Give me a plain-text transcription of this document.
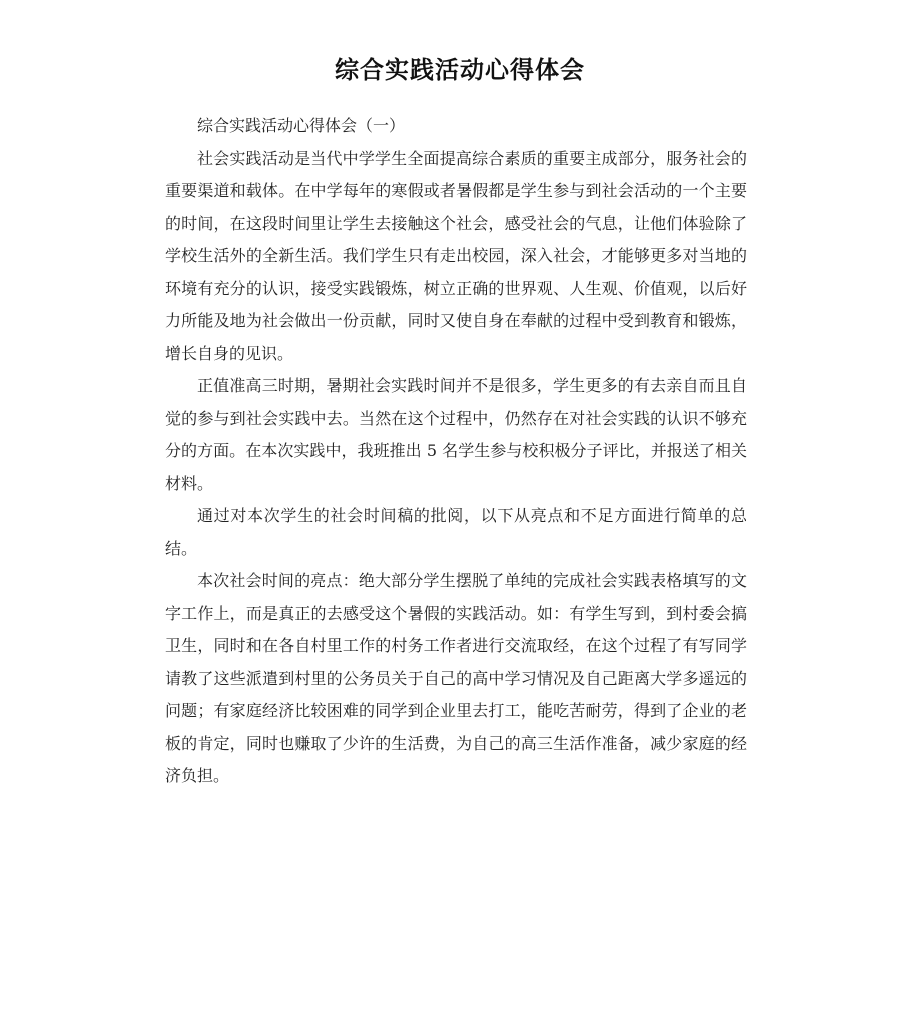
综合实践活动心得体会

综合实践活动心得体会（一）

社会实践活动是当代中学学生全面提高综合素质的重要主成部分，服务社会的重要渠道和载体。在中学每年的寒假或者暑假都是学生参与到社会活动的一个主要的时间，在这段时间里让学生去接触这个社会，感受社会的气息，让他们体验除了学校生活外的全新生活。我们学生只有走出校园，深入社会，才能够更多对当地的环境有充分的认识，接受实践锻炼，树立正确的世界观、人生观、价值观，以后好力所能及地为社会做出一份贡献，同时又使自身在奉献的过程中受到教育和锻炼，增长自身的见识。

正值准高三时期，暑期社会实践时间并不是很多，学生更多的有去亲自而且自觉的参与到社会实践中去。当然在这个过程中，仍然存在对社会实践的认识不够充分的方面。在本次实践中，我班推出 5 名学生参与校积极分子评比，并报送了相关材料。

通过对本次学生的社会时间稿的批阅，以下从亮点和不足方面进行简单的总结。

本次社会时间的亮点：绝大部分学生摆脱了单纯的完成社会实践表格填写的文字工作上，而是真正的去感受这个暑假的实践活动。如：有学生写到，到村委会搞卫生，同时和在各自村里工作的村务工作者进行交流取经，在这个过程了有写同学请教了这些派遣到村里的公务员关于自己的高中学习情况及自己距离大学多遥远的问题；有家庭经济比较困难的同学到企业里去打工，能吃苦耐劳，得到了企业的老板的肯定，同时也赚取了少许的生活费，为自己的高三生活作准备，减少家庭的经济负担。
